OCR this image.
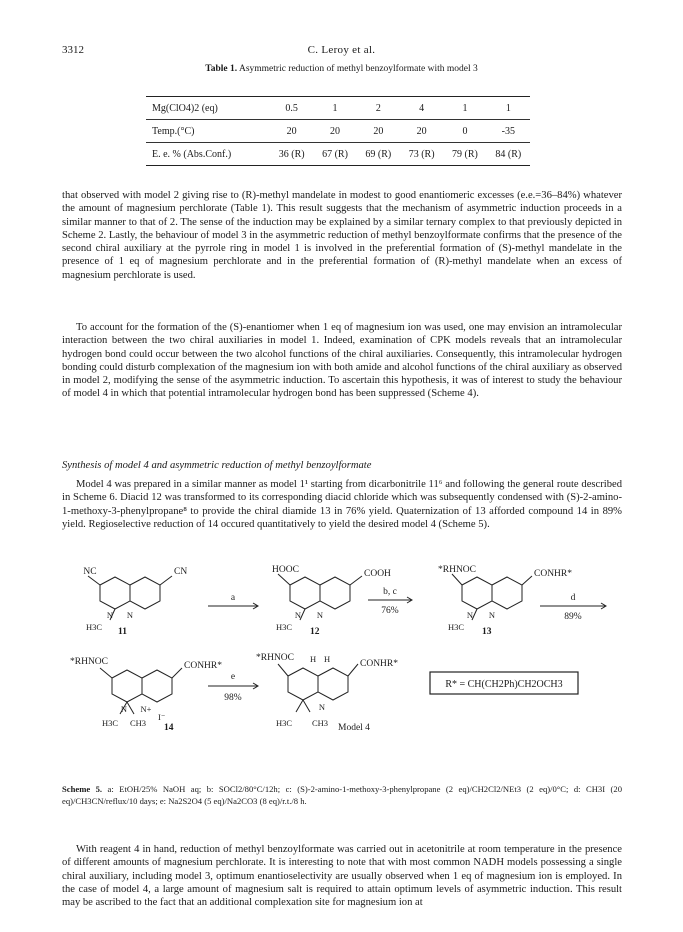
3312	C. Leroy et al.
Table 1. Asymmetric reduction of methyl benzoylformate with model 3
Mg(ClO4)2 (eq)	0.5	1	2	4	1	1
Temp.(°C)	20	20	20	20	0	-35
E. e. % (Abs.Conf.)	36 (R)	67 (R)	69 (R)	73 (R)	79 (R)	84 (R)

that observed with model 2 giving rise to (R)-methyl mandelate in modest to good enantiomeric excesses (e.e.=36–84%) whatever the amount of magnesium perchlorate (Table 1). This result suggests that the mechanism of asymmetric induction proceeds in a similar manner to that of 2. The sense of the induction may be explained by a similar ternary complex to that previously depicted in Scheme 2. Lastly, the behaviour of model 3 in the asymmetric reduction of methyl benzoylformate confirms that the presence of the second chiral auxiliary at the pyrrole ring in model 1 is involved in the preferential formation of (S)-methyl mandelate in the presence of 1 eq of magnesium perchlorate and in the preferential formation of (R)-methyl mandelate when an excess of magnesium perchlorate is used.

To account for the formation of the (S)-enantiomer when 1 eq of magnesium ion was used, one may envision an intramolecular interaction between the two chiral auxiliaries in model 1. Indeed, examination of CPK models reveals that an intramolecular hydrogen bond could occur between the two alcohol functions of the chiral auxiliaries. Consequently, this intramolecular hydrogen bonding could disturb complexation of the magnesium ion with both amide and alcohol functions of the chiral auxiliary as observed in model 2, modifying the sense of the asymmetric induction. To ascertain this hypothesis, it was of interest to study the behaviour of model 4 in which that potential intramolecular hydrogen bond has been suppressed (Scheme 4).

Synthesis of model 4 and asymmetric reduction of methyl benzoylformate

Model 4 was prepared in a similar manner as model 1¹ starting from dicarbonitrile 11⁶ and following the general route described in Scheme 6. Diacid 12 was transformed to its corresponding diacid chloride which was subsequently condensed with (S)-2-amino-1-methoxy-3-phenylpropane⁸ to provide the chiral diamide 13 in 76% yield. Quaternization of 13 afforded compound 14 in 89% yield. Regioselective reduction of 14 occured quantitatively to yield the desired model 4 (Scheme 5).

NC	CN
N N
H3C 11
a
HOOC	COOH
N N
H3C 12
b, c
76%
*RHNOC	CONHR*
N N
H3C 13
d
89%
*RHNOC	CONHR*
N N+
I⁻
H3C CH3 14
e
98%
*RHNOC H H	CONHR*
N
H3C CH3 Model 4
R* = CH(CH2Ph)CH2OCH3
Scheme 5. a: EtOH/25% NaOH aq; b: SOCl2/80°C/12h; c: (S)-2-amino-1-methoxy-3-phenylpropane (2 eq)/CH2Cl2/NEt3 (2 eq)/0°C; d: CH3I (20 eq)/CH3CN/reflux/10 days; e: Na2S2O4 (5 eq)/Na2CO3 (8 eq)/r.t./8 h.

With reagent 4 in hand, reduction of methyl benzoylformate was carried out in acetonitrile at room temperature in the presence of different amounts of magnesium perchlorate. It is interesting to note that with most common NADH models possessing a single chiral auxiliary, including model 3, optimum enantioselectivity are usually observed when 1 eq of magnesium ion is employed. In the case of model 4, a large amount of magnesium salt is required to attain optimum levels of asymmetric induction. This result may be ascribed to the fact that an additional complexation site for magnesium ion at
